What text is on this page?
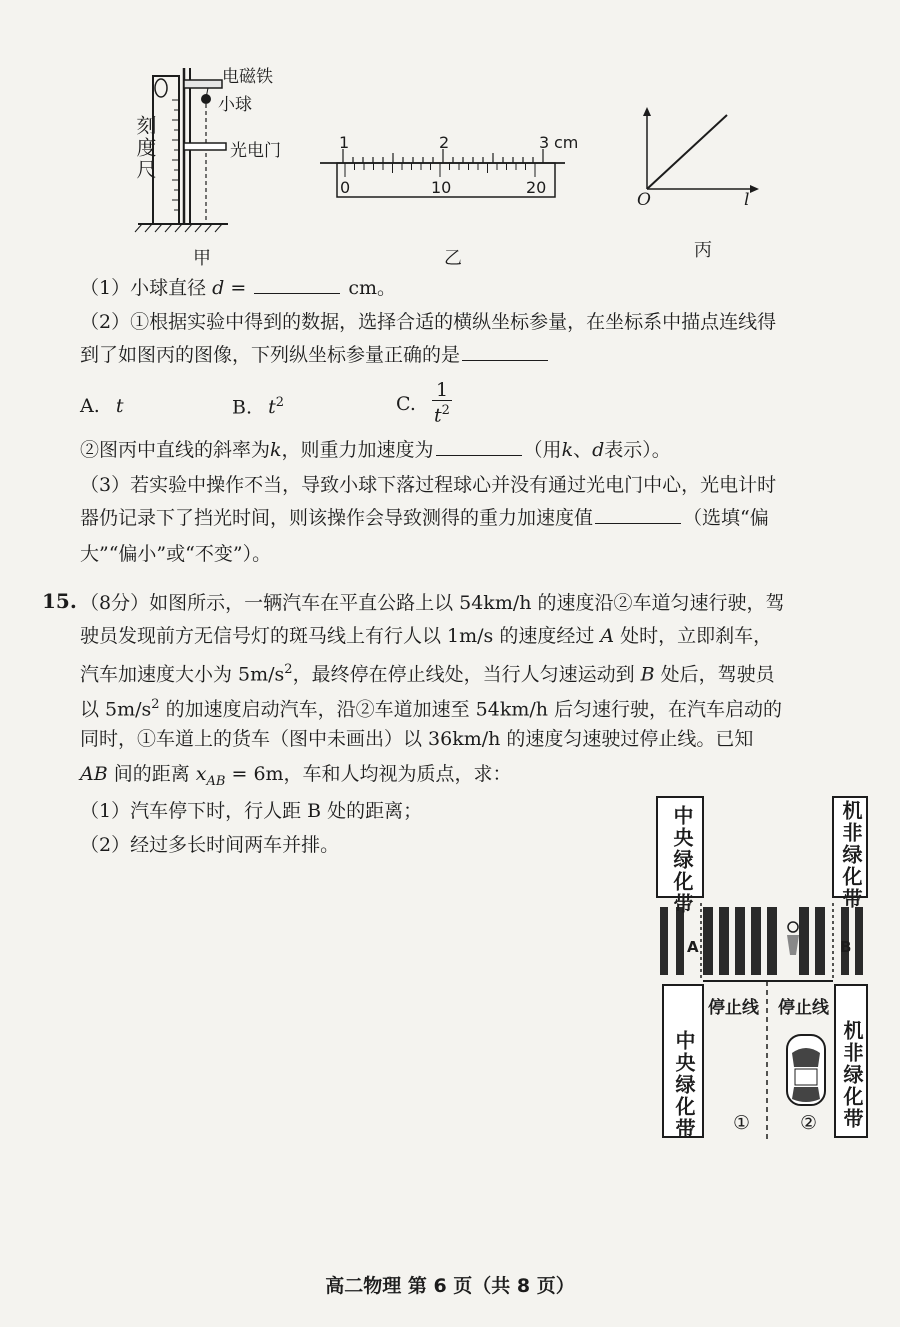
刻度尺
电磁铁
小球
光电门
甲
1	2	3 cm
0	10	20
乙
O	l
丙
（1）小球直径 d =	cm。
（2）①根据实验中得到的数据，选择合适的横纵坐标参量，在坐标系中描点连线得
到了如图丙的图像，下列纵坐标参量正确的是
A. t	B. $t^2$	C. $\frac{1}{t^2}$
②图丙中直线的斜率为k，则重力加速度为	（用k、d表示）。
（3）若实验中操作不当，导致小球下落过程球心并没有通过光电门中心，光电计时
器仍记录下了挡光时间，则该操作会导致测得的重力加速度值	（选填“偏
大”“偏小”或“不变”）。
15. （8分）如图所示，一辆汽车在平直公路上以 54km/h 的速度沿②车道匀速行驶，驾
驶员发现前方无信号灯的斑马线上有行人以 1m/s 的速度经过 A 处时，立即刹车，
汽车加速度大小为 $5m/s^2$，最终停在停止线处，当行人匀速运动到 B 处后，驾驶员
以 $5m/s^2$ 的加速度启动汽车，沿②车道加速至 54km/h 后匀速行驶，在汽车启动的
同时，①车道上的货车（图中未画出）以 36km/h 的速度匀速驶过停止线。已知
AB 间的距离 $x_{AB} = 6m$，车和人均视为质点，求：
（1）汽车停下时，行人距 B 处的距离；
（2）经过多长时间两车并排。	中央绿化带	机非绿化带
A	B
停止线 停止线
中央绿化带	机非绿化带
①	②
高二物理 第 6 页（共 8 页）
